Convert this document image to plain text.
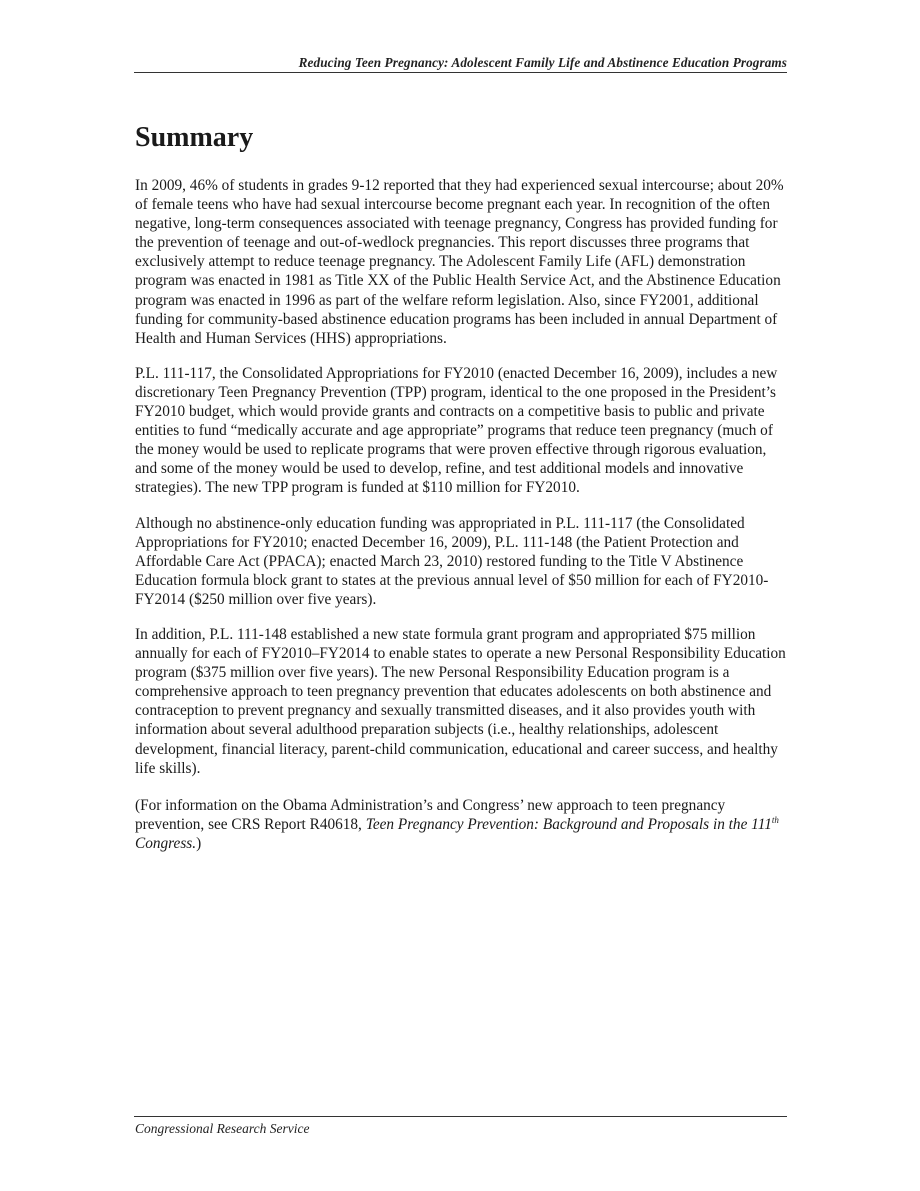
Reducing Teen Pregnancy: Adolescent Family Life and Abstinence Education Programs
Summary

In 2009, 46% of students in grades 9-12 reported that they had experienced sexual intercourse; about 20% of female teens who have had sexual intercourse become pregnant each year. In recognition of the often negative, long-term consequences associated with teenage pregnancy, Congress has provided funding for the prevention of teenage and out-of-wedlock pregnancies. This report discusses three programs that exclusively attempt to reduce teenage pregnancy. The Adolescent Family Life (AFL) demonstration program was enacted in 1981 as Title XX of the Public Health Service Act, and the Abstinence Education program was enacted in 1996 as part of the welfare reform legislation. Also, since FY2001, additional funding for community-based abstinence education programs has been included in annual Department of Health and Human Services (HHS) appropriations.

P.L. 111-117, the Consolidated Appropriations for FY2010 (enacted December 16, 2009), includes a new discretionary Teen Pregnancy Prevention (TPP) program, identical to the one proposed in the President’s FY2010 budget, which would provide grants and contracts on a competitive basis to public and private entities to fund “medically accurate and age appropriate” programs that reduce teen pregnancy (much of the money would be used to replicate programs that were proven effective through rigorous evaluation, and some of the money would be used to develop, refine, and test additional models and innovative strategies). The new TPP program is funded at $110 million for FY2010.

Although no abstinence-only education funding was appropriated in P.L. 111-117 (the Consolidated Appropriations for FY2010; enacted December 16, 2009), P.L. 111-148 (the Patient Protection and Affordable Care Act (PPACA); enacted March 23, 2010) restored funding to the Title V Abstinence Education formula block grant to states at the previous annual level of $50 million for each of FY2010-FY2014 ($250 million over five years).

In addition, P.L. 111-148 established a new state formula grant program and appropriated $75 million annually for each of FY2010–FY2014 to enable states to operate a new Personal Responsibility Education program ($375 million over five years). The new Personal Responsibility Education program is a comprehensive approach to teen pregnancy prevention that educates adolescents on both abstinence and contraception to prevent pregnancy and sexually transmitted diseases, and it also provides youth with information about several adulthood preparation subjects (i.e., healthy relationships, adolescent development, financial literacy, parent-child communication, educational and career success, and healthy life skills).

(For information on the Obama Administration’s and Congress’ new approach to teen pregnancy prevention, see CRS Report R40618, Teen Pregnancy Prevention: Background and Proposals in the 111th Congress.)

Congressional Research Service
